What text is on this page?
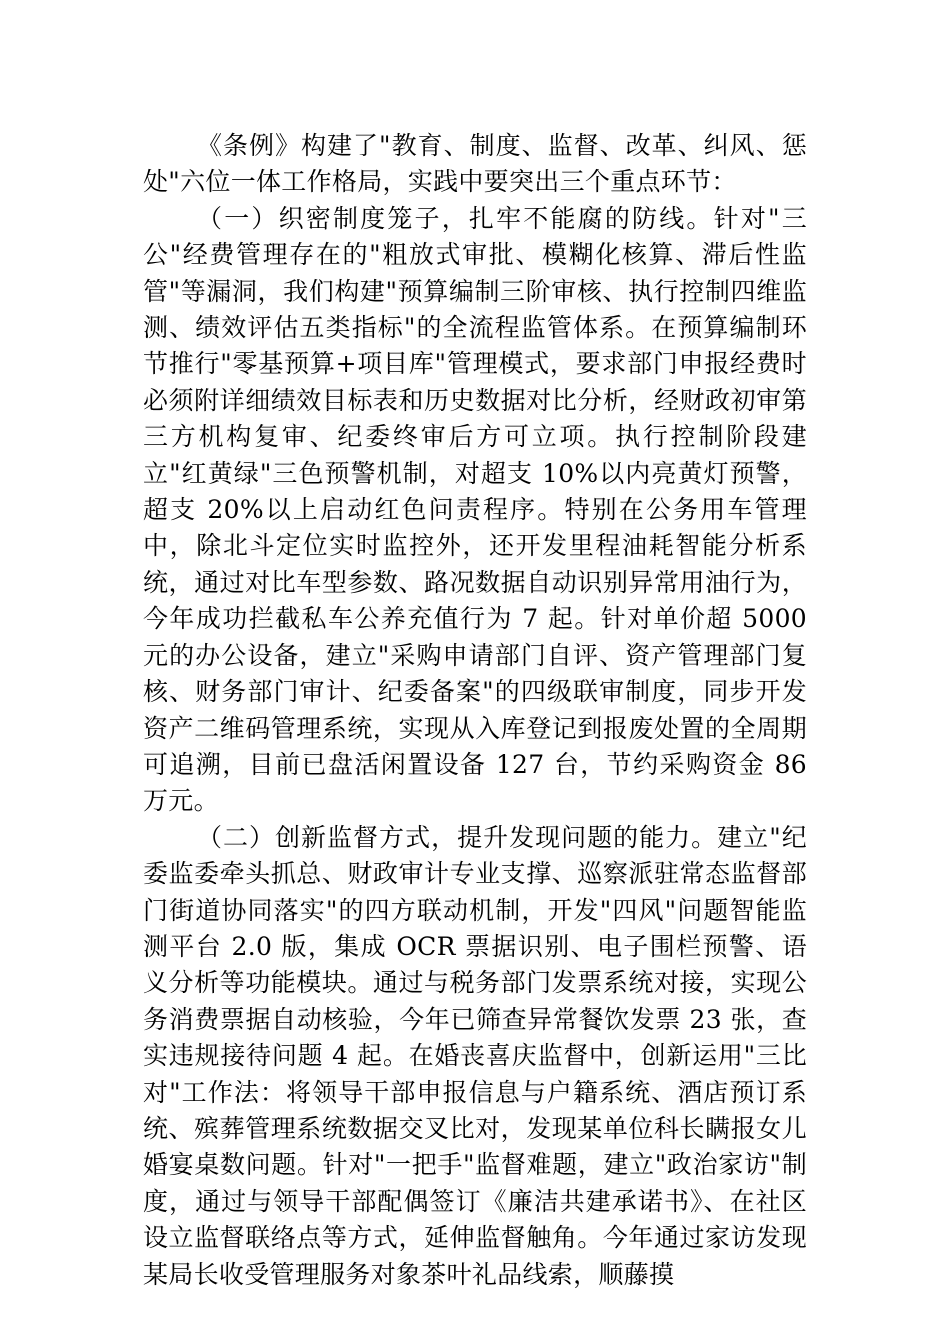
《条例》构建了"教育、制度、监督、改革、纠风、惩处"六位一体工作格局，实践中要突出三个重点环节：

（一）织密制度笼子，扎牢不能腐的防线。针对"三公"经费管理存在的"粗放式审批、模糊化核算、滞后性监管"等漏洞，我们构建"预算编制三阶审核、执行控制四维监测、绩效评估五类指标"的全流程监管体系。在预算编制环节推行"零基预算+项目库"管理模式，要求部门申报经费时必须附详细绩效目标表和历史数据对比分析，经财政初审第三方机构复审、纪委终审后方可立项。执行控制阶段建立"红黄绿"三色预警机制，对超支 10%以内亮黄灯预警，超支 20%以上启动红色问责程序。特别在公务用车管理中，除北斗定位实时监控外，还开发里程油耗智能分析系统，通过对比车型参数、路况数据自动识别异常用油行为，今年成功拦截私车公养充值行为 7 起。针对单价超 5000 元的办公设备，建立"采购申请部门自评、资产管理部门复核、财务部门审计、纪委备案"的四级联审制度，同步开发资产二维码管理系统，实现从入库登记到报废处置的全周期可追溯，目前已盘活闲置设备 127 台，节约采购资金 86 万元。

（二）创新监督方式，提升发现问题的能力。建立"纪委监委牵头抓总、财政审计专业支撑、巡察派驻常态监督部门街道协同落实"的四方联动机制，开发"四风"问题智能监测平台 2.0 版，集成 OCR 票据识别、电子围栏预警、语义分析等功能模块。通过与税务部门发票系统对接，实现公务消费票据自动核验，今年已筛查异常餐饮发票 23 张，查实违规接待问题 4 起。在婚丧喜庆监督中，创新运用"三比对"工作法：将领导干部申报信息与户籍系统、酒店预订系统、殡葬管理系统数据交叉比对，发现某单位科长瞒报女儿婚宴桌数问题。针对"一把手"监督难题，建立"政治家访"制度，通过与领导干部配偶签订《廉洁共建承诺书》、在社区设立监督联络点等方式，延伸监督触角。今年通过家访发现某局长收受管理服务对象茶叶礼品线索，顺藤摸
